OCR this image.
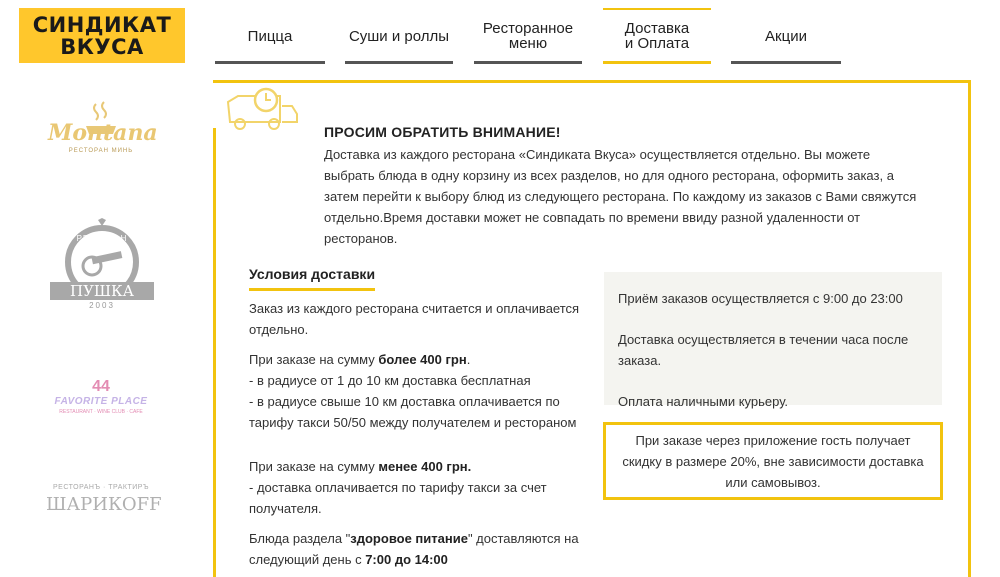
СИНДИКАТ
ВКУСА	Пицца	Суши и роллы Ресторанное
меню
Доставка
и Оплата	Акции
Montana
РЕСТОРАН МИНЬ
РЕСТОРАН
ПУШКА
2003
44
FAVORITE PLACE
RESTAURANT · WINE CLUB · CAFE
РЕСТОРАНЪ · ТРАКТИРЪ
ШАРИКОFF
ПРОСИМ ОБРАТИТЬ ВНИМАНИЕ!
Доставка из каждого ресторана «Синдиката Вкуса» осуществляется отдельно. Вы можете выбрать блюда в одну корзину из всех разделов, но для одного ресторана, оформить заказ, а затем перейти к выбору блюд из следующего ресторана. По каждому из заказов с Вами свяжутся отдельно.Время доставки может не совпадать по времени ввиду разной удаленности от ресторанов.
Условия доставки

Заказ из каждого ресторана считается и оплачивается отдельно.

При заказе на сумму более 400 грн.
- в радиусе от 1 до 10 км доставка бесплатная
- в радиусе свыше 10 км доставка оплачивается по тарифу такси 50/50 между получателем и рестораном

При заказе на сумму менее 400 грн.
- доставка оплачивается по тарифу такси за счет получателя.

Блюда раздела "здоровое питание" доставляются на следующий день с 7:00 до 14:00

Приём заказов осуществляется с 9:00 до 23:00
Доставка осуществляется в течении часа после заказа.
Оплата наличными курьеру.
При заказе через приложение гость получает скидку в размере 20%, вне зависимости доставка или самовывоз.
